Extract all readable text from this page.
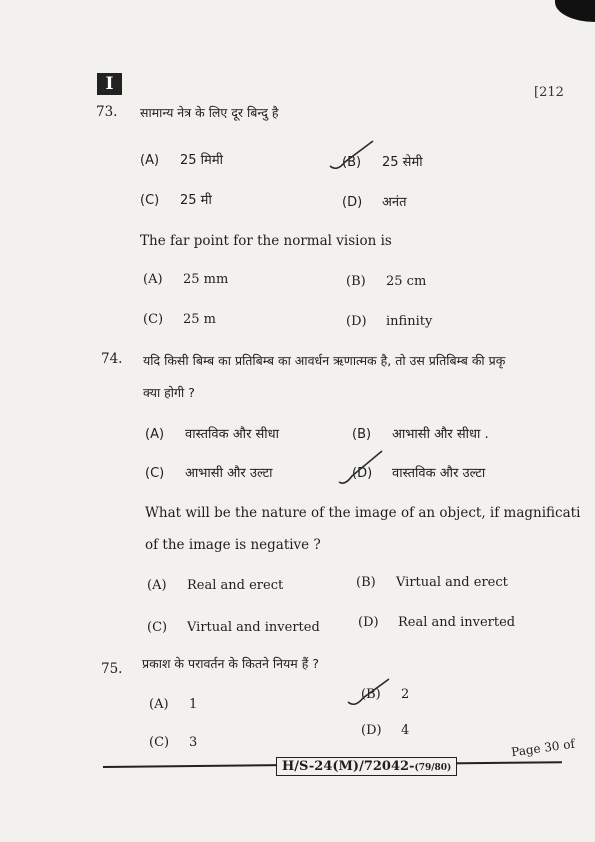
I	[212
73. सामान्य नेत्र के लिए दूर बिन्दु है
(A) 25 मिमी	(B) 25 सेमी
(C) 25 मी	(D) अनंत
The far point for the normal vision is
(A) 25 mm	(B) 25 cm
(C) 25 m	(D) infinity
74. यदि किसी बिम्ब का प्रतिबिम्ब का आवर्धन ऋणात्मक है, तो उस प्रतिबिम्ब की प्रकृ
क्या होगी ?
(A) वास्तविक और सीधा	(B) आभासी और सीधा .
(C) आभासी और उल्टा	(D) वास्तविक और उल्टा
What will be the nature of the image of an object, if magnificati
of the image is negative ?
(A) Real and erect	(B) Virtual and erect
(C) Virtual and inverted	(D) Real and inverted
75. प्रकाश के परावर्तन के कितने नियम हैं ?
(A) 1
(B) 2
(C) 3
(D) 4
H/S-24(M)/72042-(79/80)
Page 30 of
